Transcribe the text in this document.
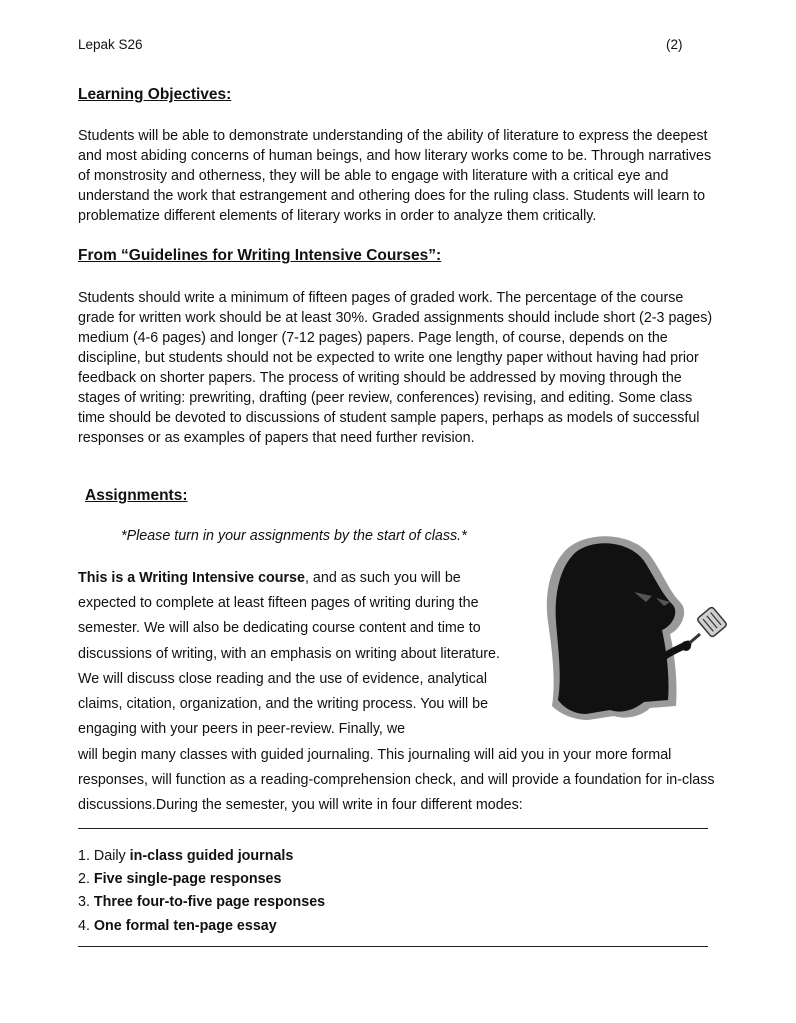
Lepak S26	(2)
Learning Objectives:
Students will be able to demonstrate understanding of the ability of literature to express the deepest and most abiding concerns of human beings, and how literary works come to be. Through narratives of monstrosity and otherness, they will be able to engage with literature with a critical eye and understand the work that estrangement and othering does for the ruling class. Students will learn to problematize different elements of literary works in order to analyze them critically.
From “Guidelines for Writing Intensive Courses”:
Students should write a minimum of fifteen pages of graded work. The percentage of the course grade for written work should be at least 30%. Graded assignments should include short (2-3 pages) medium (4-6 pages) and longer (7-12 pages) papers. Page length, of course, depends on the discipline, but students should not be expected to write one lengthy paper without having had prior feedback on shorter papers. The process of writing should be addressed by moving through the stages of writing: prewriting, drafting (peer review, conferences) revising, and editing. Some class time should be devoted to discussions of student sample papers, perhaps as models of successful responses or as examples of papers that need further revision.
Assignments:
*Please turn in your assignments by the start of class.*
This is a Writing Intensive course, and as such you will be expected to complete at least fifteen pages of writing during the semester. We will also be dedicating course content and time to discussions of writing, with an emphasis on writing about literature. We will discuss close reading and the use of evidence, analytical claims, citation, organization, and the writing process. You will be engaging with your peers in peer-review. Finally, we
will begin many classes with guided journaling. This journaling will aid you in your more formal responses, will function as a reading-comprehension check, and will provide a foundation for in-class discussions.During the semester, you will write in four different modes:
1. Daily in-class guided journals
2. Five single-page responses
3. Three four-to-five page responses
4. One formal ten-page essay
